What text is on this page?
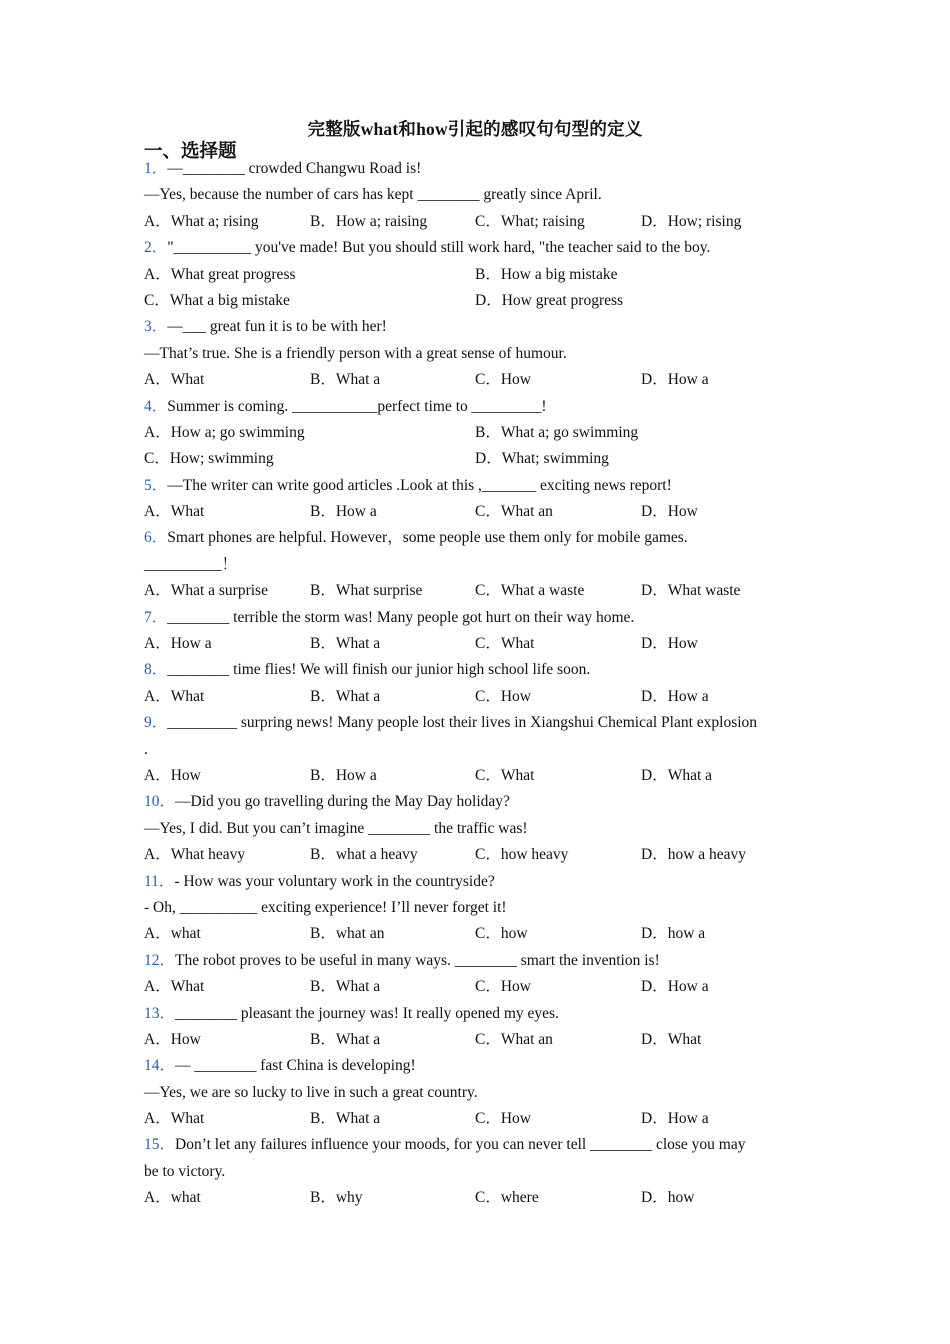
完整版what和how引起的感叹句句型的定义
一、选择题
1．—________ crowded Changwu Road is!
—Yes, because the number of cars has kept ________ greatly since April.
A．What a; rising	B．How a; raising	C．What; raising	D．How; rising
2．"__________ you've made! But you should still work hard, "the teacher said to the boy.
A．What great progress	B．How a big mistake
C．What a big mistake	D．How great progress
3．—___ great fun it is to be with her!
—That’s true. She is a friendly person with a great sense of humour.
A．What	B．What a	C．How	D．How a
4．Summer is coming. ___________perfect time to _________!
A．How a; go swimming	B．What a; go swimming
C．How; swimming	D．What; swimming
5．—The writer can write good articles .Look at this ,_______ exciting news report!
A．What	B．How a	C．What an	D．How
6．Smart phones are helpful. However，some people use them only for mobile games.
__________！
A．What a surprise	B．What surprise	C．What a waste	D．What waste
7．________ terrible the storm was! Many people got hurt on their way home.
A．How a	B．What a	C．What	D．How
8．________ time flies! We will finish our junior high school life soon.
A．What	B．What a	C．How	D．How a
9．_________ surpring news! Many people lost their lives in Xiangshui Chemical Plant explosion
.
A．How	B．How a	C．What	D．What a
10．—Did you go travelling during the May Day holiday?
—Yes, I did. But you can’t imagine ________ the traffic was!
A．What heavy	B．what a heavy	C．how heavy	D．how a heavy
11．- How was your voluntary work in the countryside?
- Oh, __________ exciting experience! I’ll never forget it!
A．what	B．what an	C．how	D．how a
12．The robot proves to be useful in many ways. ________ smart the invention is!
A．What	B．What a	C．How	D．How a
13．________ pleasant the journey was! It really opened my eyes.
A．How	B．What a	C．What an	D．What
14．— ________ fast China is developing!
—Yes, we are so lucky to live in such a great country.
A．What	B．What a	C．How	D．How a
15．Don’t let any failures influence your moods, for you can never tell ________ close you may
be to victory.
A．what	B．why	C．where	D．how
